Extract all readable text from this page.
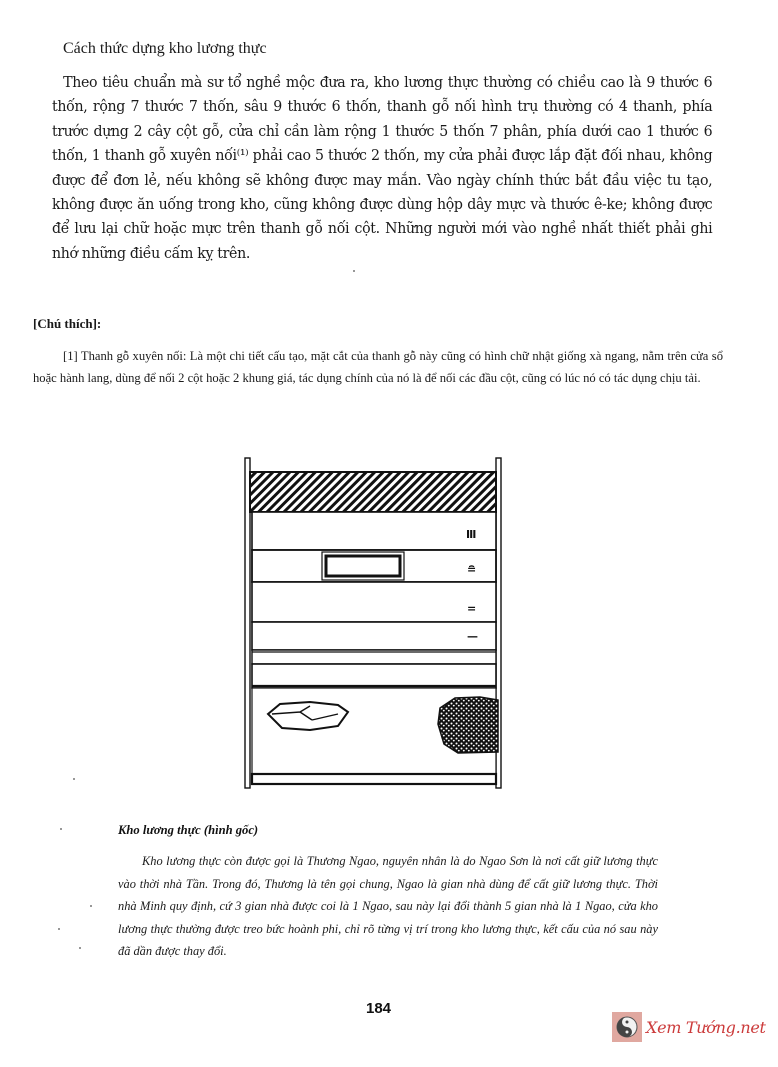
Cách thức dựng kho lương thực
Theo tiêu chuẩn mà sư tổ nghề mộc đưa ra, kho lương thực thường có chiều cao là 9 thước 6 thốn, rộng 7 thước 7 thốn, sâu 9 thước 6 thốn, thanh gỗ nối hình trụ thường có 4 thanh, phía trước dựng 2 cây cột gỗ, cửa chỉ cần làm rộng 1 thước 5 thốn 7 phân, phía dưới cao 1 thước 6 thốn, 1 thanh gỗ xuyên nối⁽¹⁾ phải cao 5 thước 2 thốn, my cửa phải được lắp đặt đối nhau, không được để đơn lẻ, nếu không sẽ không được may mắn. Vào ngày chính thức bắt đầu việc tu tạo, không được ăn uống trong kho, cũng không được dùng hộp dây mực và thước ê-ke; không được để lưu lại chữ hoặc mực trên thanh gỗ nối cột. Những người mới vào nghề nhất thiết phải ghi nhớ những điều cấm kỵ trên.
[Chú thích]:
[1] Thanh gỗ xuyên nối: Là một chi tiết cấu tạo, mặt cắt của thanh gỗ này cũng có hình chữ nhật giống xà ngang, nằm trên cửa sổ hoặc hành lang, dùng để nối 2 cột hoặc 2 khung giá, tác dụng chính của nó là để nối các đầu cột, cũng có lúc nó có tác dụng chịu tải.
Ⅲ
≘
=
—
Kho lương thực (hình gốc)
Kho lương thực còn được gọi là Thương Ngao, nguyên nhân là do Ngao Sơn là nơi cất giữ lương thực vào thời nhà Tần. Trong đó, Thương là tên gọi chung, Ngao là gian nhà dùng để cất giữ lương thực. Thời nhà Minh quy định, cứ 3 gian nhà được coi là 1 Ngao, sau này lại đổi thành 5 gian nhà là 1 Ngao, cửa kho lương thực thường được treo bức hoành phi, chỉ rõ từng vị trí trong kho lương thực, kết cấu của nó sau này đã dần được thay đổi.
184
Xem Tướng.net
